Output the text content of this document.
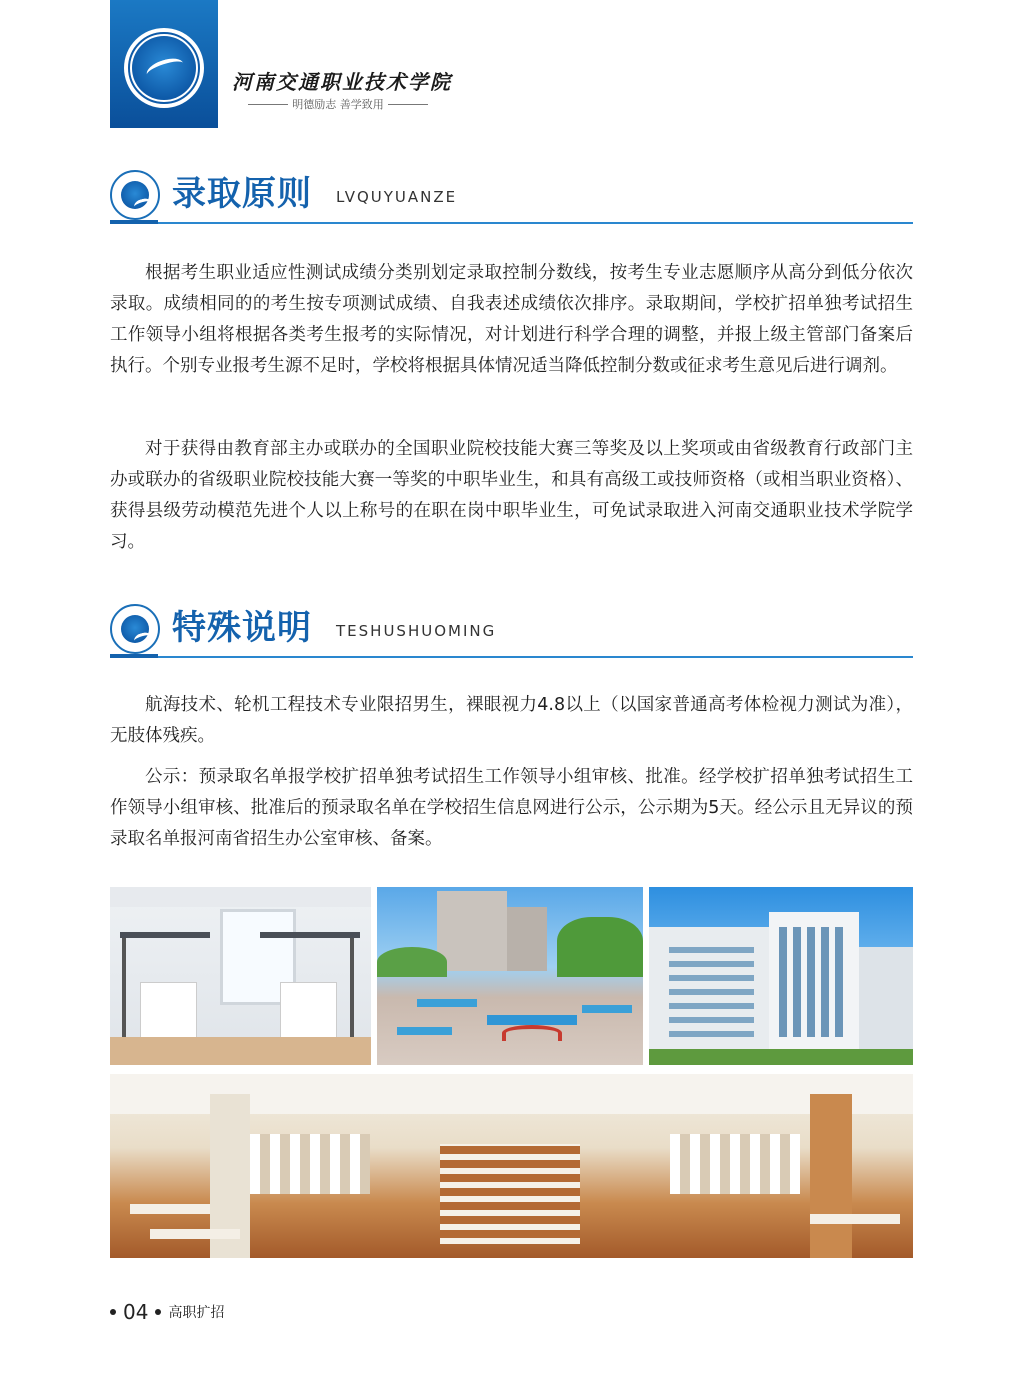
河南交通职业技术学院
明德励志 善学致用
录取原则 LVQUYUANZE

根据考生职业适应性测试成绩分类别划定录取控制分数线，按考生专业志愿顺序从高分到低分依次录取。成绩相同的的考生按专项测试成绩、自我表述成绩依次排序。录取期间，学校扩招单独考试招生工作领导小组将根据各类考生报考的实际情况，对计划进行科学合理的调整，并报上级主管部门备案后执行。个别专业报考生源不足时，学校将根据具体情况适当降低控制分数或征求考生意见后进行调剂。

对于获得由教育部主办或联办的全国职业院校技能大赛三等奖及以上奖项或由省级教育行政部门主办或联办的省级职业院校技能大赛一等奖的中职毕业生，和具有高级工或技师资格（或相当职业资格）、获得县级劳动模范先进个人以上称号的在职在岗中职毕业生，可免试录取进入河南交通职业技术学院学习。

特殊说明 TESHUSHUOMING

航海技术、轮机工程技术专业限招男生，裸眼视力4.8以上（以国家普通高考体检视力测试为准），无肢体残疾。

公示：预录取名单报学校扩招单独考试招生工作领导小组审核、批准。经学校扩招单独考试招生工作领导小组审核、批准后的预录取名单在学校招生信息网进行公示，公示期为5天。经公示且无异议的预录取名单报河南省招生办公室审核、备案。

04 高职扩招
